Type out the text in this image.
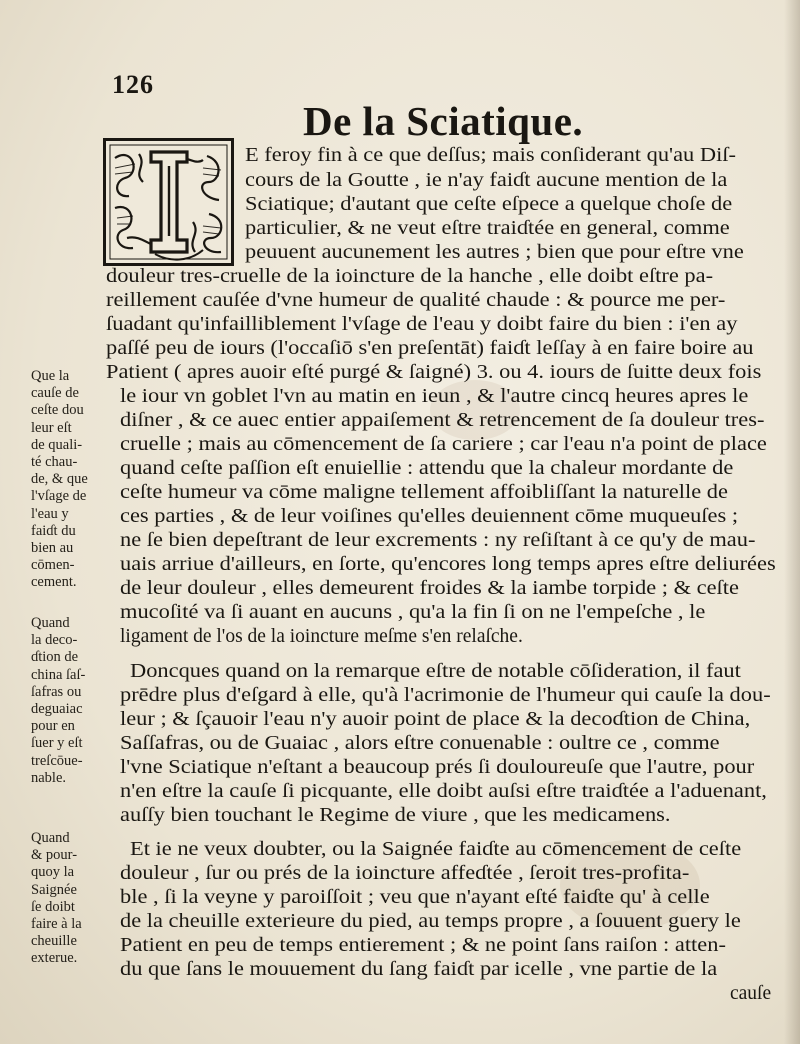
126
De la Sciatique.
E feroy fin à ce que deſſus; mais conſiderant qu'au Diſ-
cours de la Goutte , ie n'ay faiɗt aucune mention de la
Sciatique; d'autant que ceſte eſpece a quelque choſe de
particulier, & ne veut eſtre traiɗtée en general, comme
peuuent aucunement les autres ; bien que pour eſtre vne
douleur tres-cruelle de la ioincture de la hanche , elle doibt eſtre pa-
reillement cauſée d'vne humeur de qualité chaude : & pource me per-
ſuadant qu'infailliblement l'vſage de l'eau y doibt faire du bien : i'en ay
paſſé peu de iours (l'occaſiō s'en preſentāt) faiɗt leſſay à en faire boire au
Patient ( apres auoir eſté purgé & ſaigné) 3. ou 4. iours de ſuitte deux fois
le iour vn goblet l'vn au matin en ieun , & l'autre cincq heures apres le
diſner , & ce auec entier appaiſement & retrencement de ſa douleur tres-
cruelle ; mais au cōmencement de ſa cariere ; car l'eau n'a point de place
quand ceſte paſſion eſt enuiellie : attendu que la chaleur mordante de
ceſte humeur va cōme maligne tellement affoibliſſant la naturelle de
ces parties , & de leur voiſines qu'elles deuiennent cōme muqueuſes ;
ne ſe bien depeſtrant de leur excrements : ny reſiſtant à ce qu'y de mau-
uais arriue d'ailleurs, en ſorte, qu'encores long temps apres eſtre deliurées
de leur douleur , elles demeurent froides & la iambe torpide ; & ceſte
mucoſité va ſi auant en aucuns , qu'a la fin ſi on ne l'empeſche , le
ligament de l'os de la ioincture meſme s'en relaſche.
Doncques quand on la remarque eſtre de notable cōſideration, il faut
prēdre plus d'eſgard à elle, qu'à l'acrimonie de l'humeur qui cauſe la dou-
leur ; & ſçauoir l'eau n'y auoir point de place & la decoɗtion de China,
Saſſafras, ou de Guaiac , alors eſtre conuenable : oultre ce , comme
l'vne Sciatique n'eſtant a beaucoup prés ſi douloureuſe que l'autre, pour
n'en eſtre la cauſe ſi picquante, elle doibt auſsi eſtre traiɗtée a l'aduenant,
auſſy bien touchant le Regime de viure , que les medicamens.
Et ie ne veux doubter, ou la Saignée faiɗte au cōmencement de ceſte
douleur , ſur ou prés de la ioincture affeɗtée , ſeroit tres-profita-
ble , ſi la veyne y paroiſſoit ; veu que n'ayant eſté faiɗte qu' à celle
de la cheuille exterieure du pied, au temps propre , a ſouuent guery le
Patient en peu de temps entierement ; & ne point ſans raiſon : atten-
du que ſans le mouuement du ſang faiɗt par icelle , vne partie de la
cauſe
Que la
cauſe de
ceſte dou
leur eſt
de quali-
té chau-
de, & que
l'vſage de
l'eau y
faiɗt du
bien au
cōmen-
cement.
Quand
la deco-
ɗtion de
china ſaſ-
ſafras ou
deguaiac
pour en
ſuer y eſt
treſcōue-
nable.
Quand
& pour-
quoy la
Saignée
ſe doibt
faire à la
cheuille
exterue.
